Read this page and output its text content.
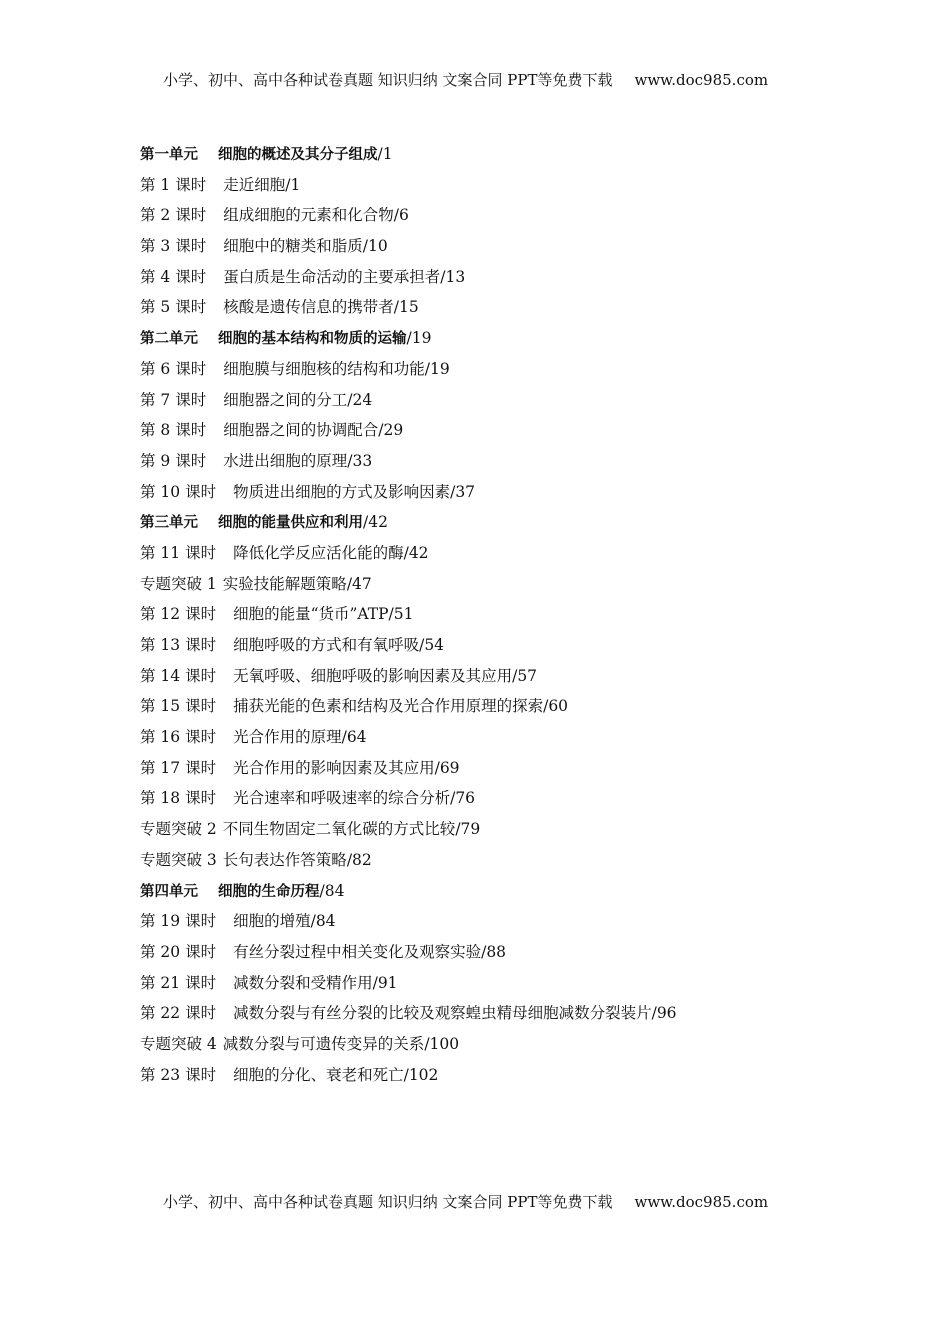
小学、初中、高中各种试卷真题 知识归纳 文案合同 PPT等免费下载 www.doc985.com
第一单元 细胞的概述及其分子组成/1
第 1 课时 走近细胞/1
第 2 课时 组成细胞的元素和化合物/6
第 3 课时 细胞中的糖类和脂质/10
第 4 课时 蛋白质是生命活动的主要承担者/13
第 5 课时 核酸是遗传信息的携带者/15
第二单元 细胞的基本结构和物质的运输/19
第 6 课时 细胞膜与细胞核的结构和功能/19
第 7 课时 细胞器之间的分工/24
第 8 课时 细胞器之间的协调配合/29
第 9 课时 水进出细胞的原理/33
第 10 课时 物质进出细胞的方式及影响因素/37
第三单元 细胞的能量供应和利用/42
第 11 课时 降低化学反应活化能的酶/42
专题突破 1 实验技能解题策略/47
第 12 课时 细胞的能量“货币”ATP/51
第 13 课时 细胞呼吸的方式和有氧呼吸/54
第 14 课时 无氧呼吸、细胞呼吸的影响因素及其应用/57
第 15 课时 捕获光能的色素和结构及光合作用原理的探索/60
第 16 课时 光合作用的原理/64
第 17 课时 光合作用的影响因素及其应用/69
第 18 课时 光合速率和呼吸速率的综合分析/76
专题突破 2 不同生物固定二氧化碳的方式比较/79
专题突破 3 长句表达作答策略/82
第四单元 细胞的生命历程/84
第 19 课时 细胞的增殖/84
第 20 课时 有丝分裂过程中相关变化及观察实验/88
第 21 课时 减数分裂和受精作用/91
第 22 课时 减数分裂与有丝分裂的比较及观察蝗虫精母细胞减数分裂装片/96
专题突破 4 减数分裂与可遗传变异的关系/100
第 23 课时 细胞的分化、衰老和死亡/102
小学、初中、高中各种试卷真题 知识归纳 文案合同 PPT等免费下载 www.doc985.com
